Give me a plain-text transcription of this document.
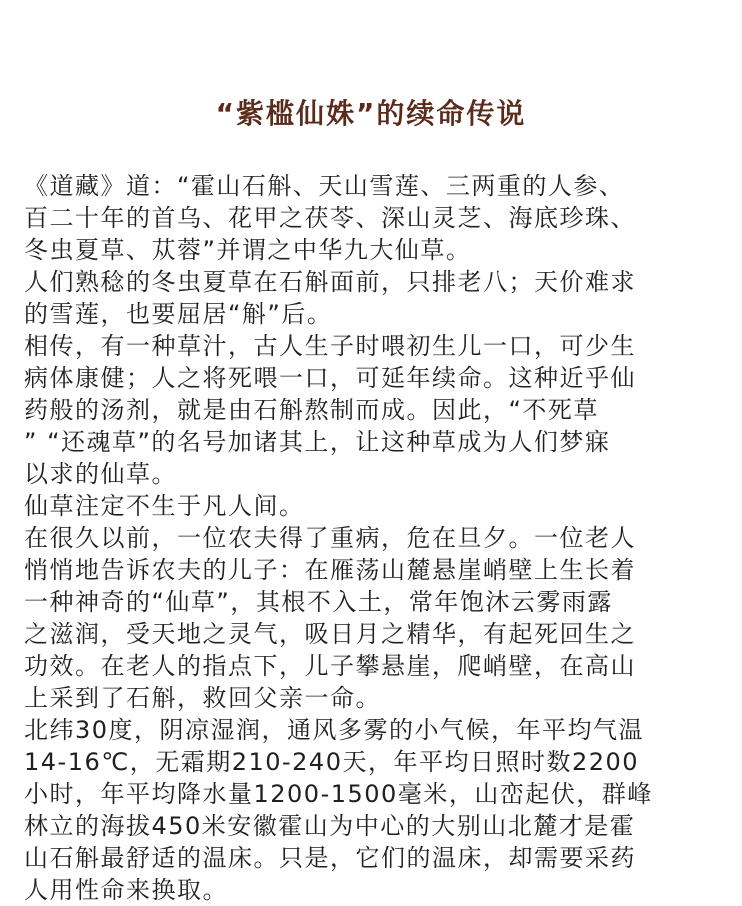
“紫槛仙姝”的续命传说
《道藏》道：“霍山石斛、天山雪莲、三两重的人参、
百二十年的首乌、花甲之茯苓、深山灵芝、海底珍珠、
冬虫夏草、苁蓉”并谓之中华九大仙草。
人们熟稔的冬虫夏草在石斛面前，只排老八；天价难求
的雪莲，也要屈居“斛”后。
相传，有一种草汁，古人生子时喂初生儿一口，可少生
病体康健；人之将死喂一口，可延年续命。这种近乎仙
药般的汤剂，就是由石斛熬制而成。因此，“不死草
” “还魂草”的名号加诸其上，让这种草成为人们梦寐
以求的仙草。
仙草注定不生于凡人间。
在很久以前，一位农夫得了重病，危在旦夕。一位老人
悄悄地告诉农夫的儿子：在雁荡山麓悬崖峭壁上生长着
一种神奇的“仙草”，其根不入土，常年饱沐云雾雨露
之滋润，受天地之灵气，吸日月之精华，有起死回生之
功效。在老人的指点下，儿子攀悬崖，爬峭壁，在高山
上采到了石斛，救回父亲一命。
北纬30度，阴凉湿润，通风多雾的小气候，年平均气温
14-16℃，无霜期210-240天，年平均日照时数2200
小时，年平均降水量1200-1500毫米，山峦起伏，群峰
林立的海拔450米安徽霍山为中心的大别山北麓才是霍
山石斛最舒适的温床。只是，它们的温床，却需要采药
人用性命来换取。
